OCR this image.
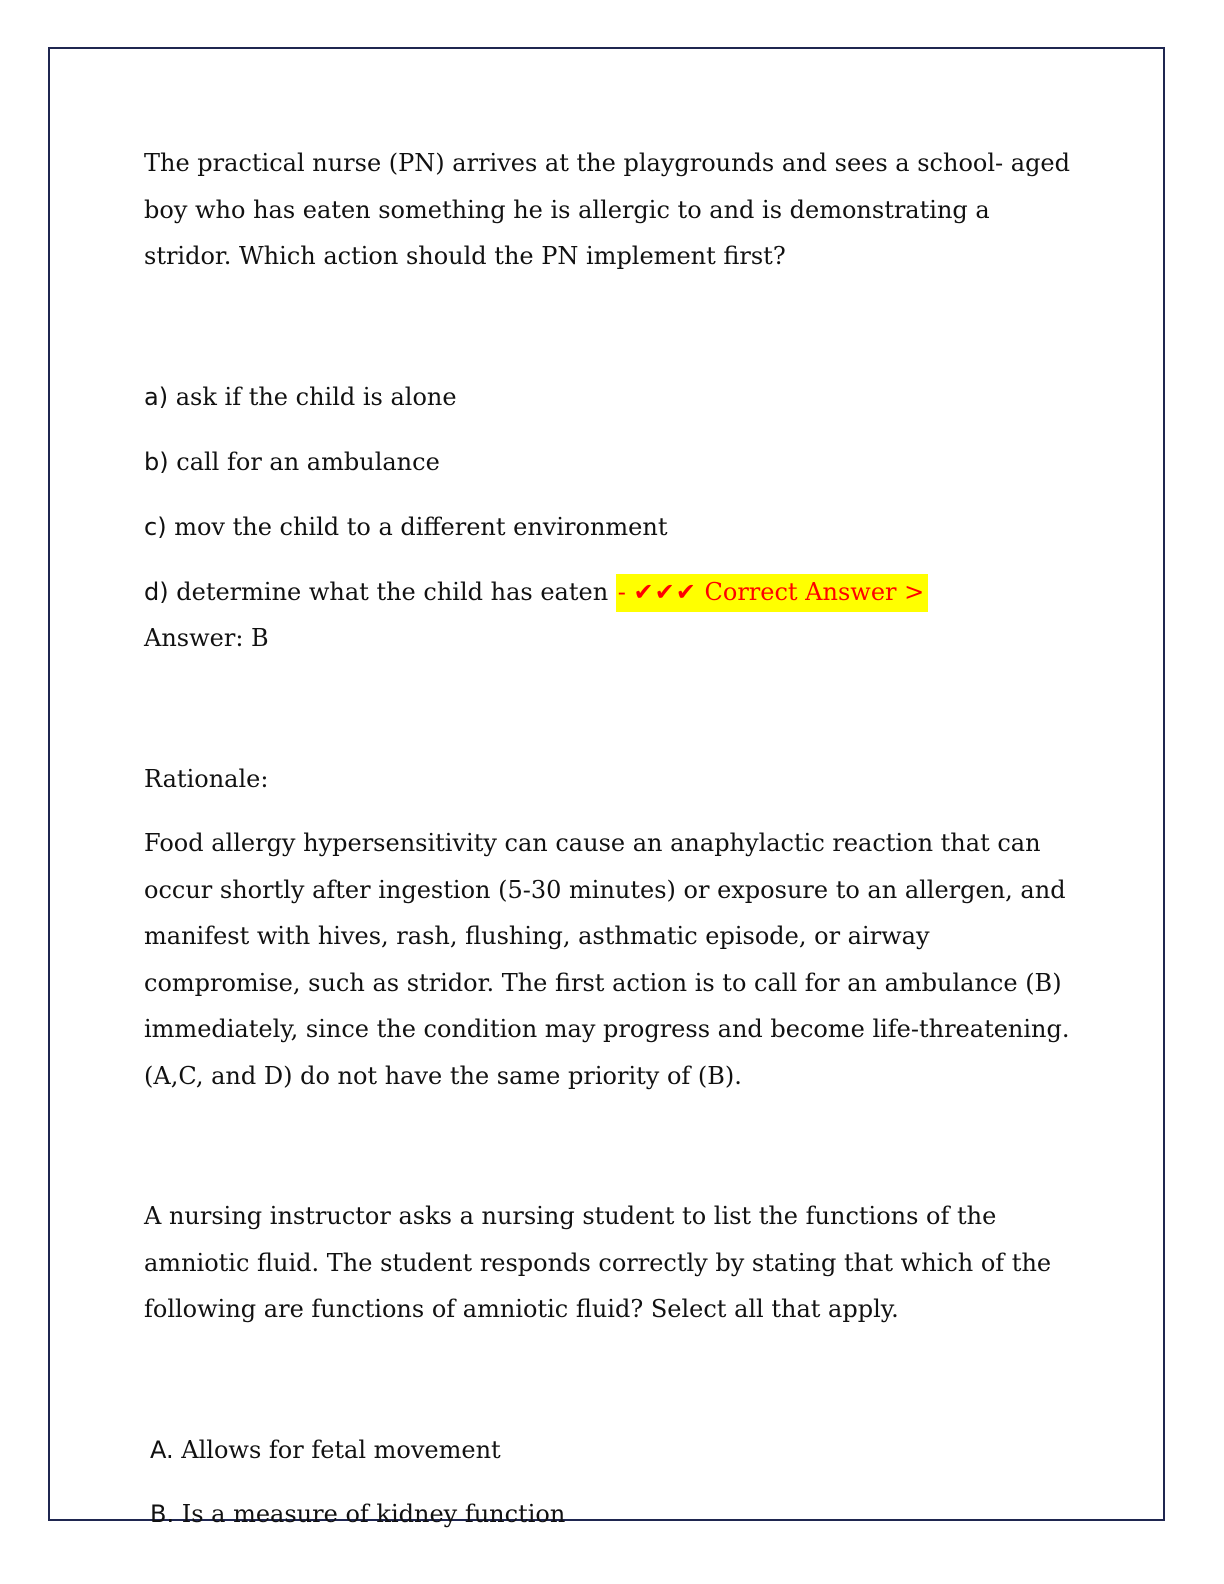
The practical nurse (PN) arrives at the playgrounds and sees a school- aged boy who has eaten something he is allergic to and is demonstrating a stridor. Which action should the PN implement first?

a) ask if the child is alone

b) call for an ambulance

c) mov the child to a different environment

d) determine what the child has eaten - ✔✔✔ Correct Answer >

Answer: B

Rationale:

Food allergy hypersensitivity can cause an anaphylactic reaction that can occur shortly after ingestion (5-30 minutes) or exposure to an allergen, and manifest with hives, rash, flushing, asthmatic episode, or airway compromise, such as stridor. The first action is to call for an ambulance (B) immediately, since the condition may progress and become life-threatening. (A,C, and D) do not have the same priority of (B).

A nursing instructor asks a nursing student to list the functions of the amniotic fluid. The student responds correctly by stating that which of the following are functions of amniotic fluid? Select all that apply.

A. Allows for fetal movement

B. Is a measure of kidney function
